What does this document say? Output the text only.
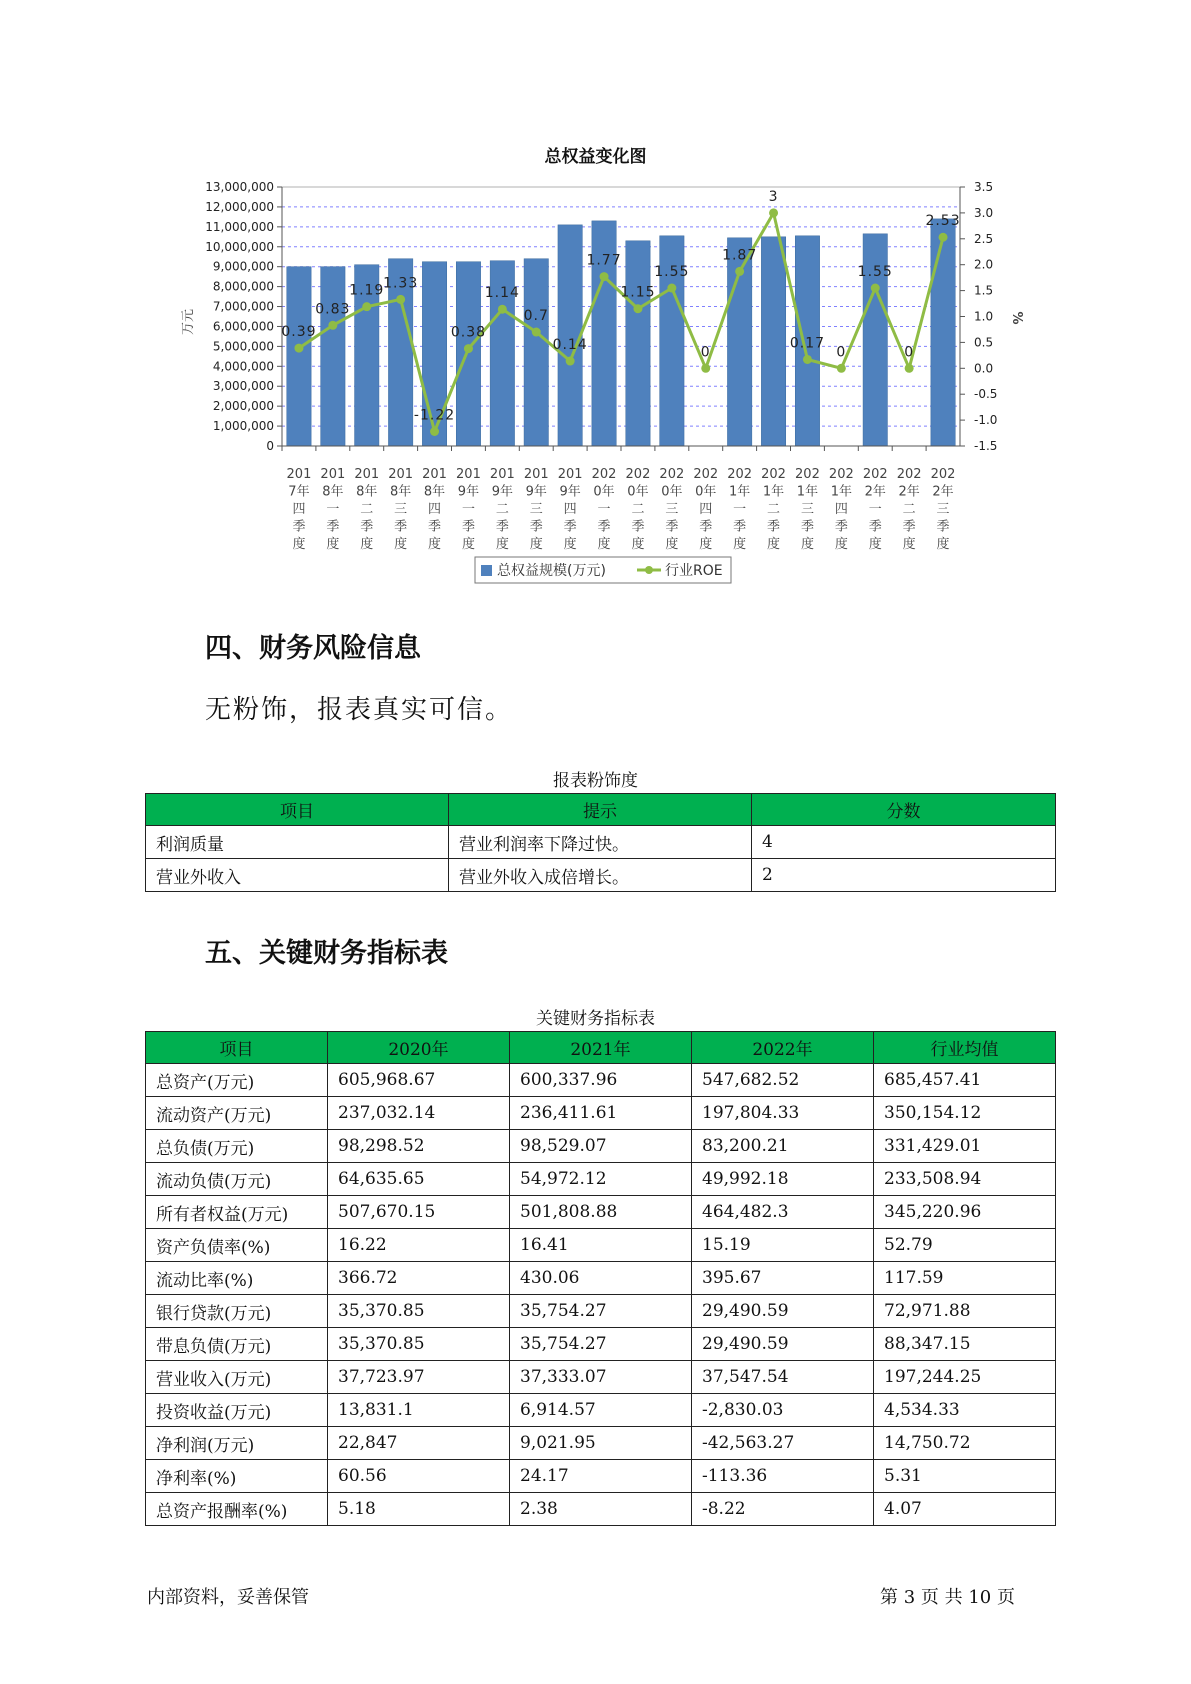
总权益变化图
0.39
0.83
1.19
1.33
-1.22
0.38
1.14
0.7
0.14
1.77
1.15
1.55
0
1.87
3
0.17
0
1.55
0
2.53
0
1,000,000
2,000,000
3,000,000
4,000,000
5,000,000
6,000,000
7,000,000
8,000,000
9,000,000
10,000,000
11,000,000
12,000,000
13,000,000
-1.5
-1.0
-0.5
0.0
0.5
1.0
1.5
2.0
2.5
3.0
3.5
201
7年
四
季
度
201
8年
一
季
度
201
8年
二
季
度
201
8年
三
季
度
201
8年
四
季
度
201
9年
一
季
度
201
9年
二
季
度
201
9年
三
季
度
201
9年
四
季
度
202
0年
一
季
度
202
0年
二
季
度
202
0年
三
季
度
202
0年
四
季
度
202
1年
一
季
度
202
1年
二
季
度
202
1年
三
季
度
202
1年
四
季
度
202
2年
一
季
度
202
2年
二
季
度
202
2年
三
季
度
万元	%
总权益规模(万元)	行业ROE
四、财务风险信息
无粉饰，报表真实可信。
报表粉饰度
项目	提示	分数
利润质量	营业利润率下降过快。	4
营业外收入	营业外收入成倍增长。	2
五、关键财务指标表
关键财务指标表
项目	2020年	2021年	2022年	行业均值
总资产(万元)	605,968.67	600,337.96	547,682.52	685,457.41
流动资产(万元)	237,032.14	236,411.61	197,804.33	350,154.12
总负债(万元)	98,298.52	98,529.07	83,200.21	331,429.01
流动负债(万元)	64,635.65	54,972.12	49,992.18	233,508.94
所有者权益(万元)	507,670.15	501,808.88	464,482.3	345,220.96
资产负债率(%)	16.22	16.41	15.19	52.79
流动比率(%)	366.72	430.06	395.67	117.59
银行贷款(万元)	35,370.85	35,754.27	29,490.59	72,971.88
带息负债(万元)	35,370.85	35,754.27	29,490.59	88,347.15
营业收入(万元)	37,723.97	37,333.07	37,547.54	197,244.25
投资收益(万元)	13,831.1	6,914.57	-2,830.03	4,534.33
净利润(万元)	22,847	9,021.95	-42,563.27	14,750.72
净利率(%)	60.56	24.17	-113.36	5.31
总资产报酬率(%)	5.18	2.38	-8.22	4.07
内部资料，妥善保管	第 3 页 共 10 页
